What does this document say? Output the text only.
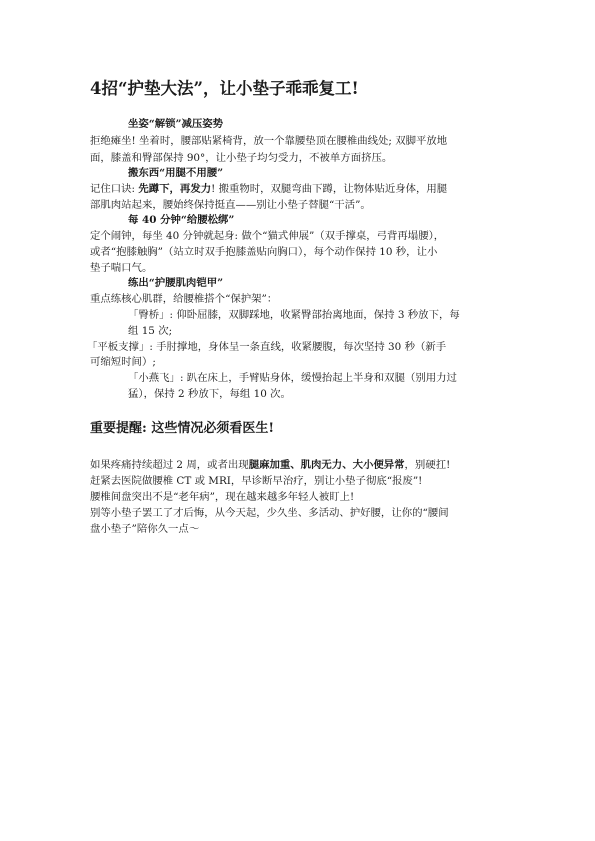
4招“护垫大法”，让小垫子乖乖复工!
坐姿“解锁”减压姿势
拒绝瘫坐! 坐着时，腰部贴紧椅背，放一个靠腰垫顶在腰椎曲线处; 双脚平放地
面，膝盖和臀部保持 90°，让小垫子均匀受力，不被单方面挤压。
搬东西“用腿不用腰”
记住口诀: 先蹲下，再发力! 搬重物时，双腿弯曲下蹲，让物体贴近身体，用腿
部肌肉站起来，腰始终保持挺直——别让小垫子替腿“干活”。
每 40 分钟“给腰松绑”
定个闹钟，每坐 40 分钟就起身: 做个“猫式伸展”（双手撑桌，弓背再塌腰），
或者“抱膝触胸”（站立时双手抱膝盖贴向胸口），每个动作保持 10 秒，让小
垫子喘口气。
练出“护腰肌肉铠甲”
重点练核心肌群，给腰椎搭个“保护架”：
「臀桥」: 仰卧屈膝，双脚踩地，收紧臀部抬离地面，保持 3 秒放下，每
组 15 次;
「平板支撑」: 手肘撑地，身体呈一条直线，收紧腰腹，每次坚持 30 秒（新手
可缩短时间）;
「小燕飞」: 趴在床上，手臂贴身体，缓慢抬起上半身和双腿（别用力过
猛），保持 2 秒放下，每组 10 次。
重要提醒: 这些情况必须看医生!
如果疼痛持续超过 2 周，或者出现腿麻加重、肌肉无力、大小便异常，别硬扛!
赶紧去医院做腰椎 CT 或 MRI，早诊断早治疗，别让小垫子彻底“报废”!
腰椎间盘突出不是“老年病”，现在越来越多年轻人被盯上!
别等小垫子罢工了才后悔，从今天起，少久坐、多活动、护好腰，让你的“腰间
盘小垫子”陪你久一点～
